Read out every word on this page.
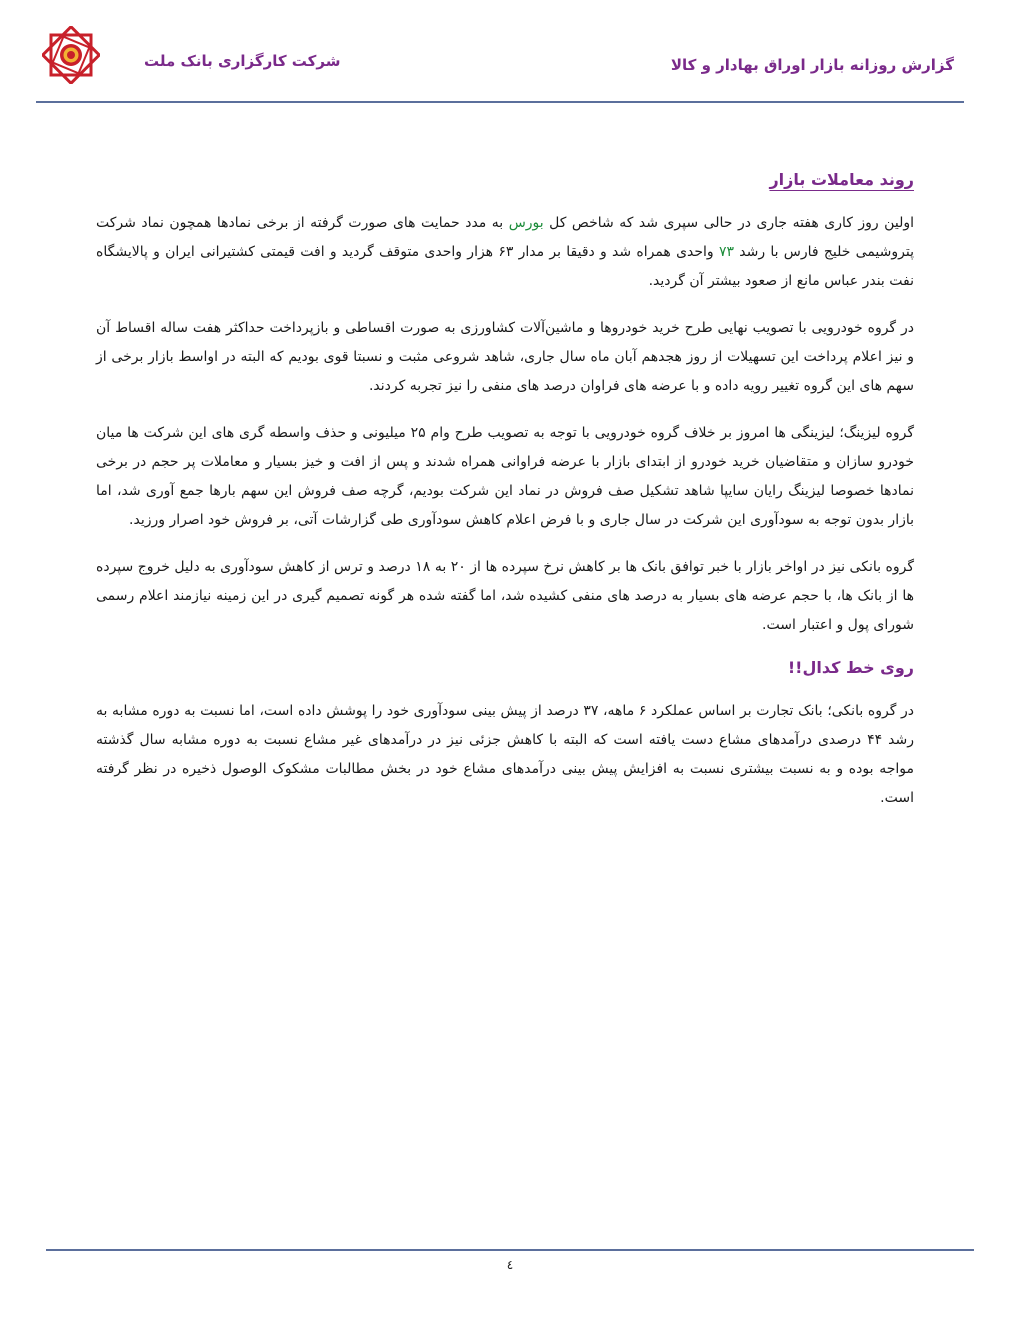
گزارش روزانه بازار اوراق بهادار و کالا
شرکت کارگزاری بانک ملت
روند معاملات بازار

اولین روز کاری هفته جاری در حالی سپری شد که شاخص کل بورس به مدد حمایت های صورت گرفته از برخی نمادها همچون نماد شرکت پتروشیمی خلیج فارس با رشد ۷۳ واحدی همراه شد و دقیقا بر مدار ۶۳ هزار واحدی متوقف گردید و افت قیمتی کشتیرانی ایران و پالایشگاه نفت بندر عباس مانع از صعود بیشتر آن گردید.

در گروه خودرویی با تصویب نهایی طرح خرید خودروها و ماشین‌آلات کشاورزی به صورت اقساطی و بازپرداخت حداکثر هفت ساله اقساط آن و نیز اعلام پرداخت این تسهیلات از روز هجدهم آبان ماه سال جاری، شاهد شروعی مثبت و نسبتا قوی بودیم که البته در اواسط بازار برخی از سهم های این گروه تغییر رویه داده و با عرضه های فراوان درصد های منفی را نیز تجربه کردند.

گروه لیزینگ؛ لیزینگی ها امروز بر خلاف گروه خودرویی با توجه به تصویب طرح وام ۲۵ میلیونی و حذف واسطه گری های این شرکت ها میان خودرو سازان و متقاضیان خرید خودرو از ابتدای بازار با عرضه فراوانی همراه شدند و پس از افت و خیز بسیار و معاملات پر حجم در برخی نمادها خصوصا لیزینگ رایان سایپا شاهد تشکیل صف فروش در نماد این شرکت بودیم، گرچه صف فروش این سهم بارها جمع آوری شد، اما بازار بدون توجه به سودآوری این شرکت در سال جاری و با فرض اعلام کاهش سودآوری طی گزارشات آتی، بر فروش خود اصرار ورزید.

گروه بانکی نیز در اواخر بازار با خبر توافق بانک ها بر کاهش نرخ سپرده ها از ۲۰ به ۱۸ درصد و ترس از کاهش سودآوری به دلیل خروج سپرده ها از بانک ها، با حجم عرضه های بسیار به درصد های منفی کشیده شد، اما گفته شده هر گونه تصمیم گیری در این زمینه نیازمند اعلام رسمی شورای پول و اعتبار است.

روی خط کدال!!

در گروه بانکی؛ بانک تجارت بر اساس عملکرد ۶ ماهه، ۳۷ درصد از پیش بینی سودآوری خود را پوشش داده است، اما نسبت به دوره مشابه به رشد ۴۴ درصدی درآمدهای مشاع دست یافته است که البته با کاهش جزئی نیز در درآمدهای غیر مشاع نسبت به دوره مشابه سال گذشته مواجه بوده و به نسبت بیشتری نسبت به افزایش پیش بینی درآمدهای مشاع خود در بخش مطالبات مشکوک الوصول ذخیره در نظر گرفته است.

٤
